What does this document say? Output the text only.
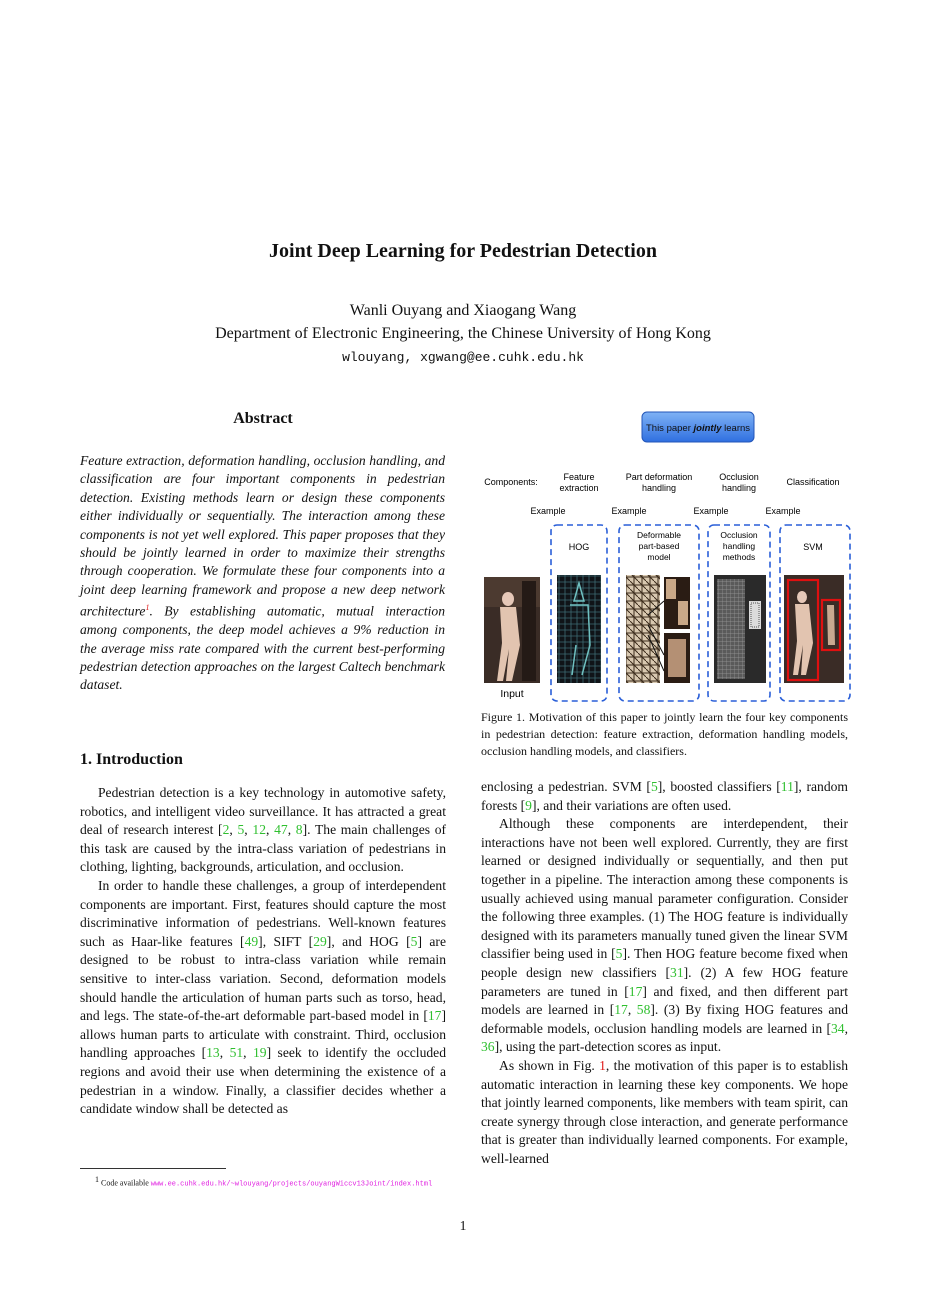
Joint Deep Learning for Pedestrian Detection
Wanli Ouyang and Xiaogang Wang
Department of Electronic Engineering, the Chinese University of Hong Kong
wlouyang, xgwang@ee.cuhk.edu.hk
Abstract
Feature extraction, deformation handling, occlusion handling, and classification are four important components in pedestrian detection. Existing methods learn or design these components either individually or sequentially. The interaction among these components is not yet well explored. This paper proposes that they should be jointly learned in order to maximize their strengths through cooperation. We formulate these four components into a joint deep learning framework and propose a new deep network architecture$^1$. By establishing automatic, mutual interaction among components, the deep model achieves a 9% reduction in the average miss rate compared with the current best-performing pedestrian detection approaches on the largest Caltech benchmark dataset.
1. Introduction

Pedestrian detection is a key technology in automotive safety, robotics, and intelligent video surveillance. It has attracted a great deal of research interest [2, 5, 12, 47, 8]. The main challenges of this task are caused by the intra-class variation of pedestrians in clothing, lighting, backgrounds, articulation, and occlusion.

In order to handle these challenges, a group of interdependent components are important. First, features should capture the most discriminative information of pedestrians. Well-known features such as Haar-like features [49], SIFT [29], and HOG [5] are designed to be robust to intra-class variation while remain sensitive to inter-class variation. Second, deformation models should handle the articulation of human parts such as torso, head, and legs. The state-of-the-art deformable part-based model in [17] allows human parts to articulate with constraint. Third, occlusion handling approaches [13, 51, 19] seek to identify the occluded regions and avoid their use when determining the existence of a pedestrian in a window. Finally, a classifier decides whether a candidate window shall be detected as

enclosing a pedestrian. SVM [5], boosted classifiers [11], random forests [9], and their variations are often used.

Although these components are interdependent, their interactions have not been well explored. Currently, they are first learned or designed individually or sequentially, and then put together in a pipeline. The interaction among these components is usually achieved using manual parameter configuration. Consider the following three examples. (1) The HOG feature is individually designed with its parameters manually tuned given the linear SVM classifier being used in [5]. Then HOG feature become fixed when people design new classifiers [31]. (2) A few HOG feature parameters are tuned in [17] and fixed, and then different part models are learned in [17, 58]. (3) By fixing HOG features and deformable models, occlusion handling models are learned in [34, 36], using the part-detection scores as input.

As shown in Fig. 1, the motivation of this paper is to establish automatic interaction in learning these key components. We hope that jointly learned components, like members with team spirit, can create synergy through close interaction, and generate performance that is greater than individually learned components. For example, well-learned

This paper jointly learns
Components:	Feature
extraction
Part deformation
handling
Occlusion
handling
Classification
Example	Example	Example	Example
HOG
Deformable
part-based
model
Occlusion
handling
methods
SVM
Input
Figure 1. Motivation of this paper to jointly learn the four key components in pedestrian detection: feature extraction, deformation handling models, occlusion handling models, and classifiers.
$^1$ Code available www.ee.cuhk.edu.hk/~wlouyang/projects/ouyangWiccv13Joint/index.html
1
